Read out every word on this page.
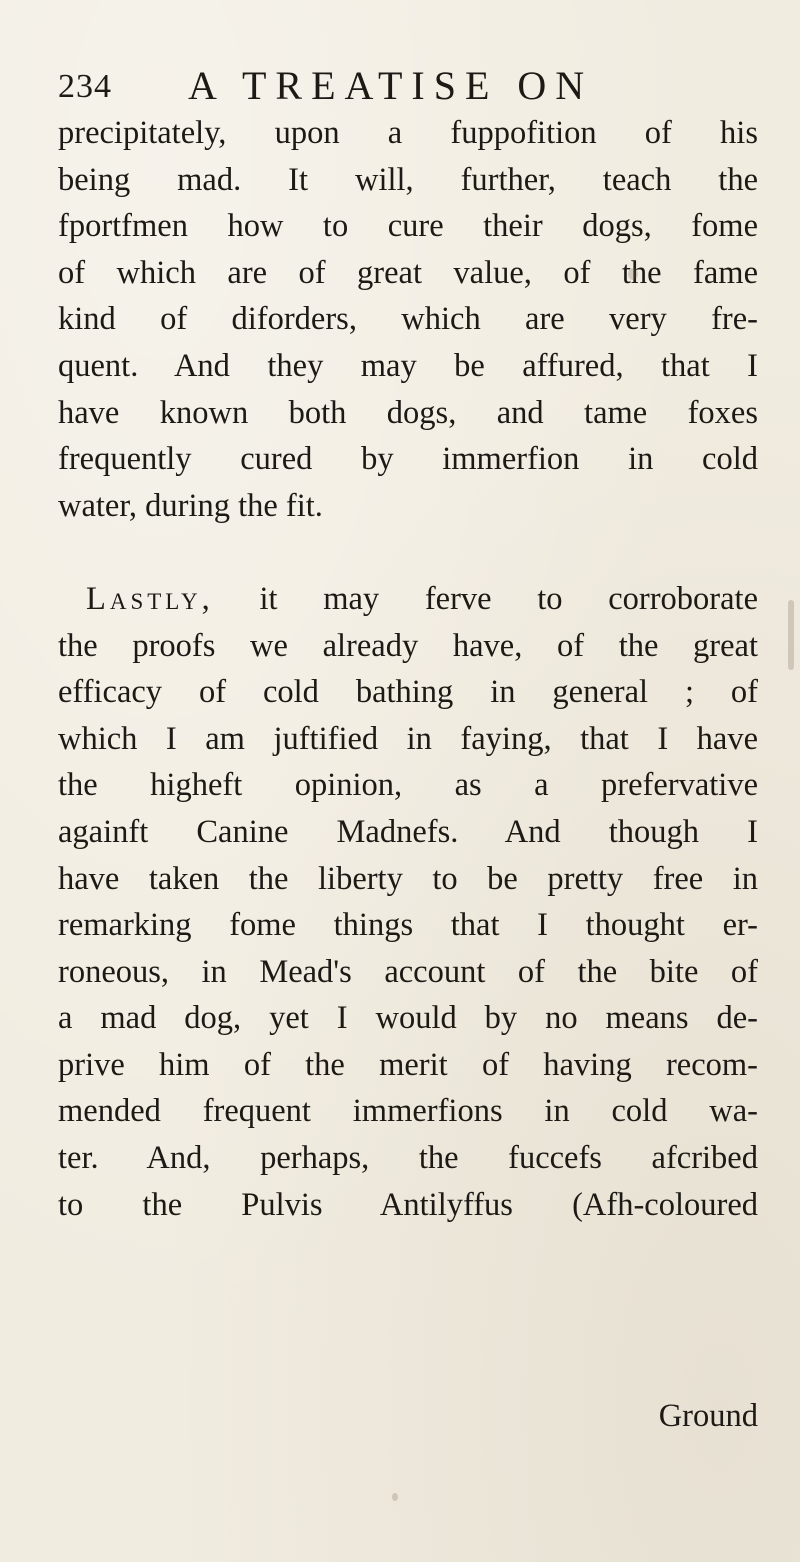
234 A TREATISE ON
precipitately, upon a fuppofition of his
being mad. It will, further, teach the
fportfmen how to cure their dogs, fome
of which are of great value, of the fame
kind of diforders, which are very fre-
quent. And they may be affured, that I
have known both dogs, and tame foxes
frequently cured by immerfion in cold
water, during the fit.
Lastly, it may ferve to corroborate
the proofs we already have, of the great
efficacy of cold bathing in general ; of
which I am juftified in faying, that I have
the higheft opinion, as a prefervative
againft Canine Madnefs. And though I
have taken the liberty to be pretty free in
remarking fome things that I thought er-
roneous, in Mead's account of the bite of
a mad dog, yet I would by no means de-
prive him of the merit of having recom-
mended frequent immerfions in cold wa-
ter. And, perhaps, the fuccefs afcribed
to the Pulvis Antilyffus (Afh-coloured
Ground
